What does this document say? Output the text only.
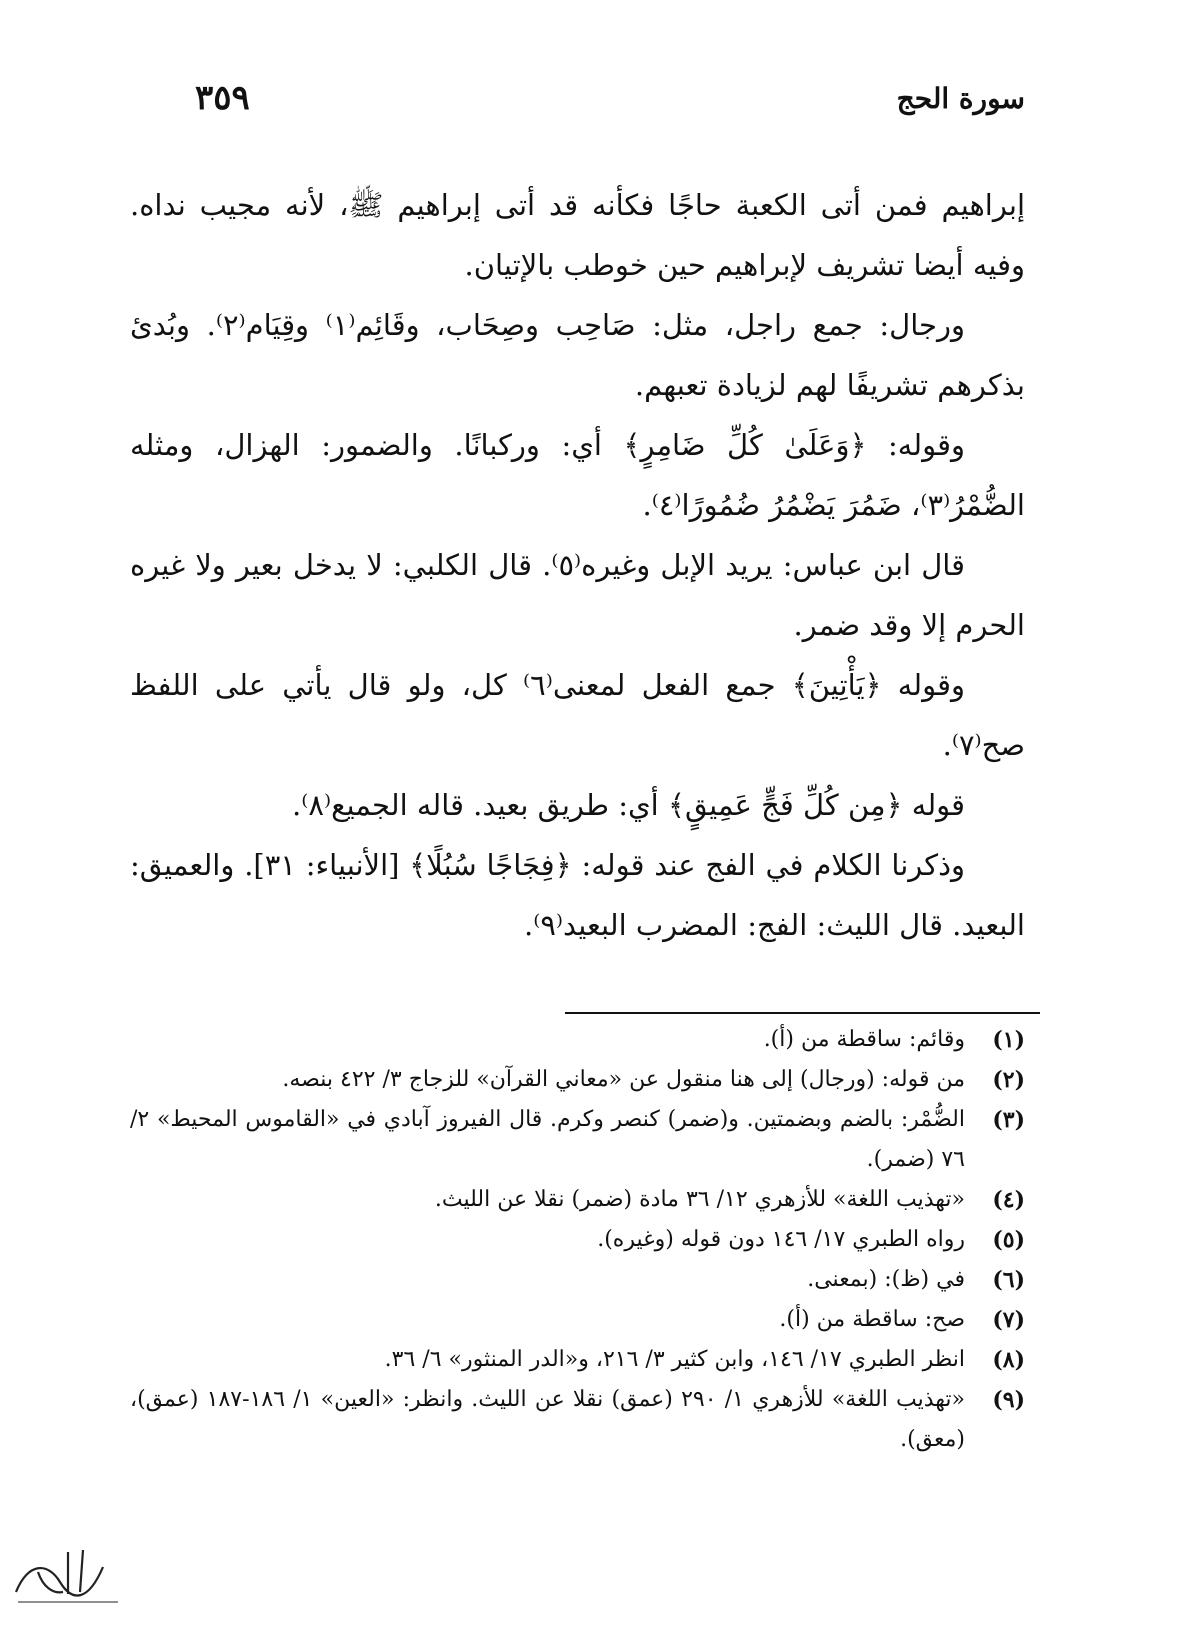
٣٥٩	سورة الحج

إبراهيم فمن أتى الكعبة حاجًا فكأنه قد أتى إبراهيم ﷺ، لأنه مجيب نداه. وفيه أيضا تشريف لإبراهيم حين خوطب بالإتيان.

ورجال: جمع راجل، مثل: صَاحِب وصِحَاب، وقَائِم⁽١⁾ وقِيَام⁽٢⁾. وبُدئ بذكرهم تشريفًا لهم لزيادة تعبهم.

وقوله: ﴿وَعَلَىٰ كُلِّ ضَامِرٍ﴾ أي: وركبانًا. والضمور: الهزال، ومثله الضُّمْرُ⁽٣⁾، ضَمُرَ يَضْمُرُ ضُمُورًا⁽٤⁾.

قال ابن عباس: يريد الإبل وغيره⁽٥⁾. قال الكلبي: لا يدخل بعير ولا غيره الحرم إلا وقد ضمر.

وقوله ﴿يَأْتِينَ﴾ جمع الفعل لمعنى⁽٦⁾ كل، ولو قال يأتي على اللفظ صح⁽٧⁾.

قوله ﴿مِن كُلِّ فَجٍّ عَمِيقٍ﴾ أي: طريق بعيد. قاله الجميع⁽٨⁾.

وذكرنا الكلام في الفج عند قوله: ﴿فِجَاجًا سُبُلًا﴾ [الأنبياء: ٣١]. والعميق: البعيد. قال الليث: الفج: المضرب البعيد⁽٩⁾.

(١)
وقائم: ساقطة من (أ).
(٢)
من قوله: (ورجال) إلى هنا منقول عن «معاني القرآن» للزجاج ٣/ ٤٢٢ بنصه.
(٣)
الضُّمْر: بالضم وبضمتين. و(ضمر) كنصر وكرم. قال الفيروز آبادي في «القاموس المحيط» ٢/ ٧٦ (ضمر).
(٤)
«تهذيب اللغة» للأزهري ١٢/ ٣٦ مادة (ضمر) نقلا عن الليث.
(٥)
رواه الطبري ١٧/ ١٤٦ دون قوله (وغيره).
(٦)
في (ظ): (بمعنى.
(٧)
صح: ساقطة من (أ).
(٨)
انظر الطبري ١٧/ ١٤٦، وابن كثير ٣/ ٢١٦، و«الدر المنثور» ٦/ ٣٦.
(٩)
«تهذيب اللغة» للأزهري ١/ ٢٩٠ (عمق) نقلا عن الليث. وانظر: «العين» ١/ ١٨٦-١٨٧ (عمق)، (معق).
